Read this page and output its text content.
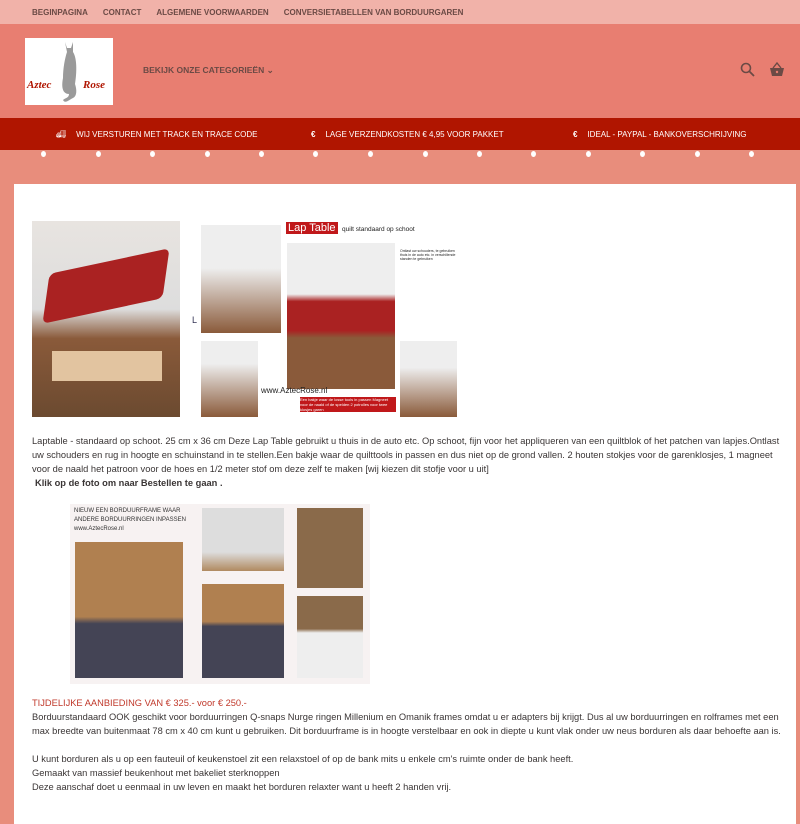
BEGINPAGINA CONTACT ALGEMENE VOORWAARDEN CONVERSIETABELLEN VAN BORDUURGAREN
Aztec	Rose
BEKIJK ONZE CATEGORIEËN ⌄
🚚︎ WIJ VERSTUREN MET TRACK EN TRACE CODE	€ LAGE VERZENDKOSTEN € 4,95 VOOR PAKKET	€ IDEAL - PAYPAL - BANKOVERSCHRIJVING
L
Lap Table quilt standaard op schoot
Ontlast uw schouders, te gebruiken thuis in de auto etc. in verschillende standen te gebruiken
www.AztecRose.nl
Een bakje waar de losse tools in passen Magneet voor de naald of de spelden 2 potrolles voor twee klosjes garen

Laptable - standaard op schoot. 25 cm x 36 cm Deze Lap Table gebruikt u thuis in de auto etc. Op schoot, fijn voor het appliqueren van een quiltblok of het patchen van lapjes.Ontlast uw schouders en rug in hoogte en schuinstand in te stellen.Een bakje waar de quilttools in passen en dus niet op de grond vallen. 2 houten stokjes voor de garenklosjes, 1 magneet voor de naald het patroon voor de hoes en 1/2 meter stof om deze zelf te maken [wij kiezen dit stofje voor u uit]

Klik op de foto om naar Bestellen te gaan .

NIEUW EEN BORDUURFRAME WAAR
ANDERE BORDUURRINGEN INPASSEN
www.AztecRose.nl

TIJDELIJKE AANBIEDING VAN € 325.- voor € 250.-

Borduurstandaard OOK geschikt voor borduurringen Q-snaps Nurge ringen Millenium en Omanik frames omdat u er adapters bij krijgt. Dus al uw borduurringen en rolframes met een max breedte van buitenmaat 78 cm x 40 cm kunt u gebruiken. Dit borduurframe is in hoogte verstelbaar en ook in diepte u kunt vlak onder uw neus borduren als daar behoefte aan is.

U kunt borduren als u op een fauteuil of keukenstoel zit een relaxstoel of op de bank mits u enkele cm's ruimte onder de bank heeft.

Gemaakt van massief beukenhout met bakeliet sterknoppen

Deze aanschaf doet u eenmaal in uw leven en maakt het borduren relaxter want u heeft 2 handen vrij.
